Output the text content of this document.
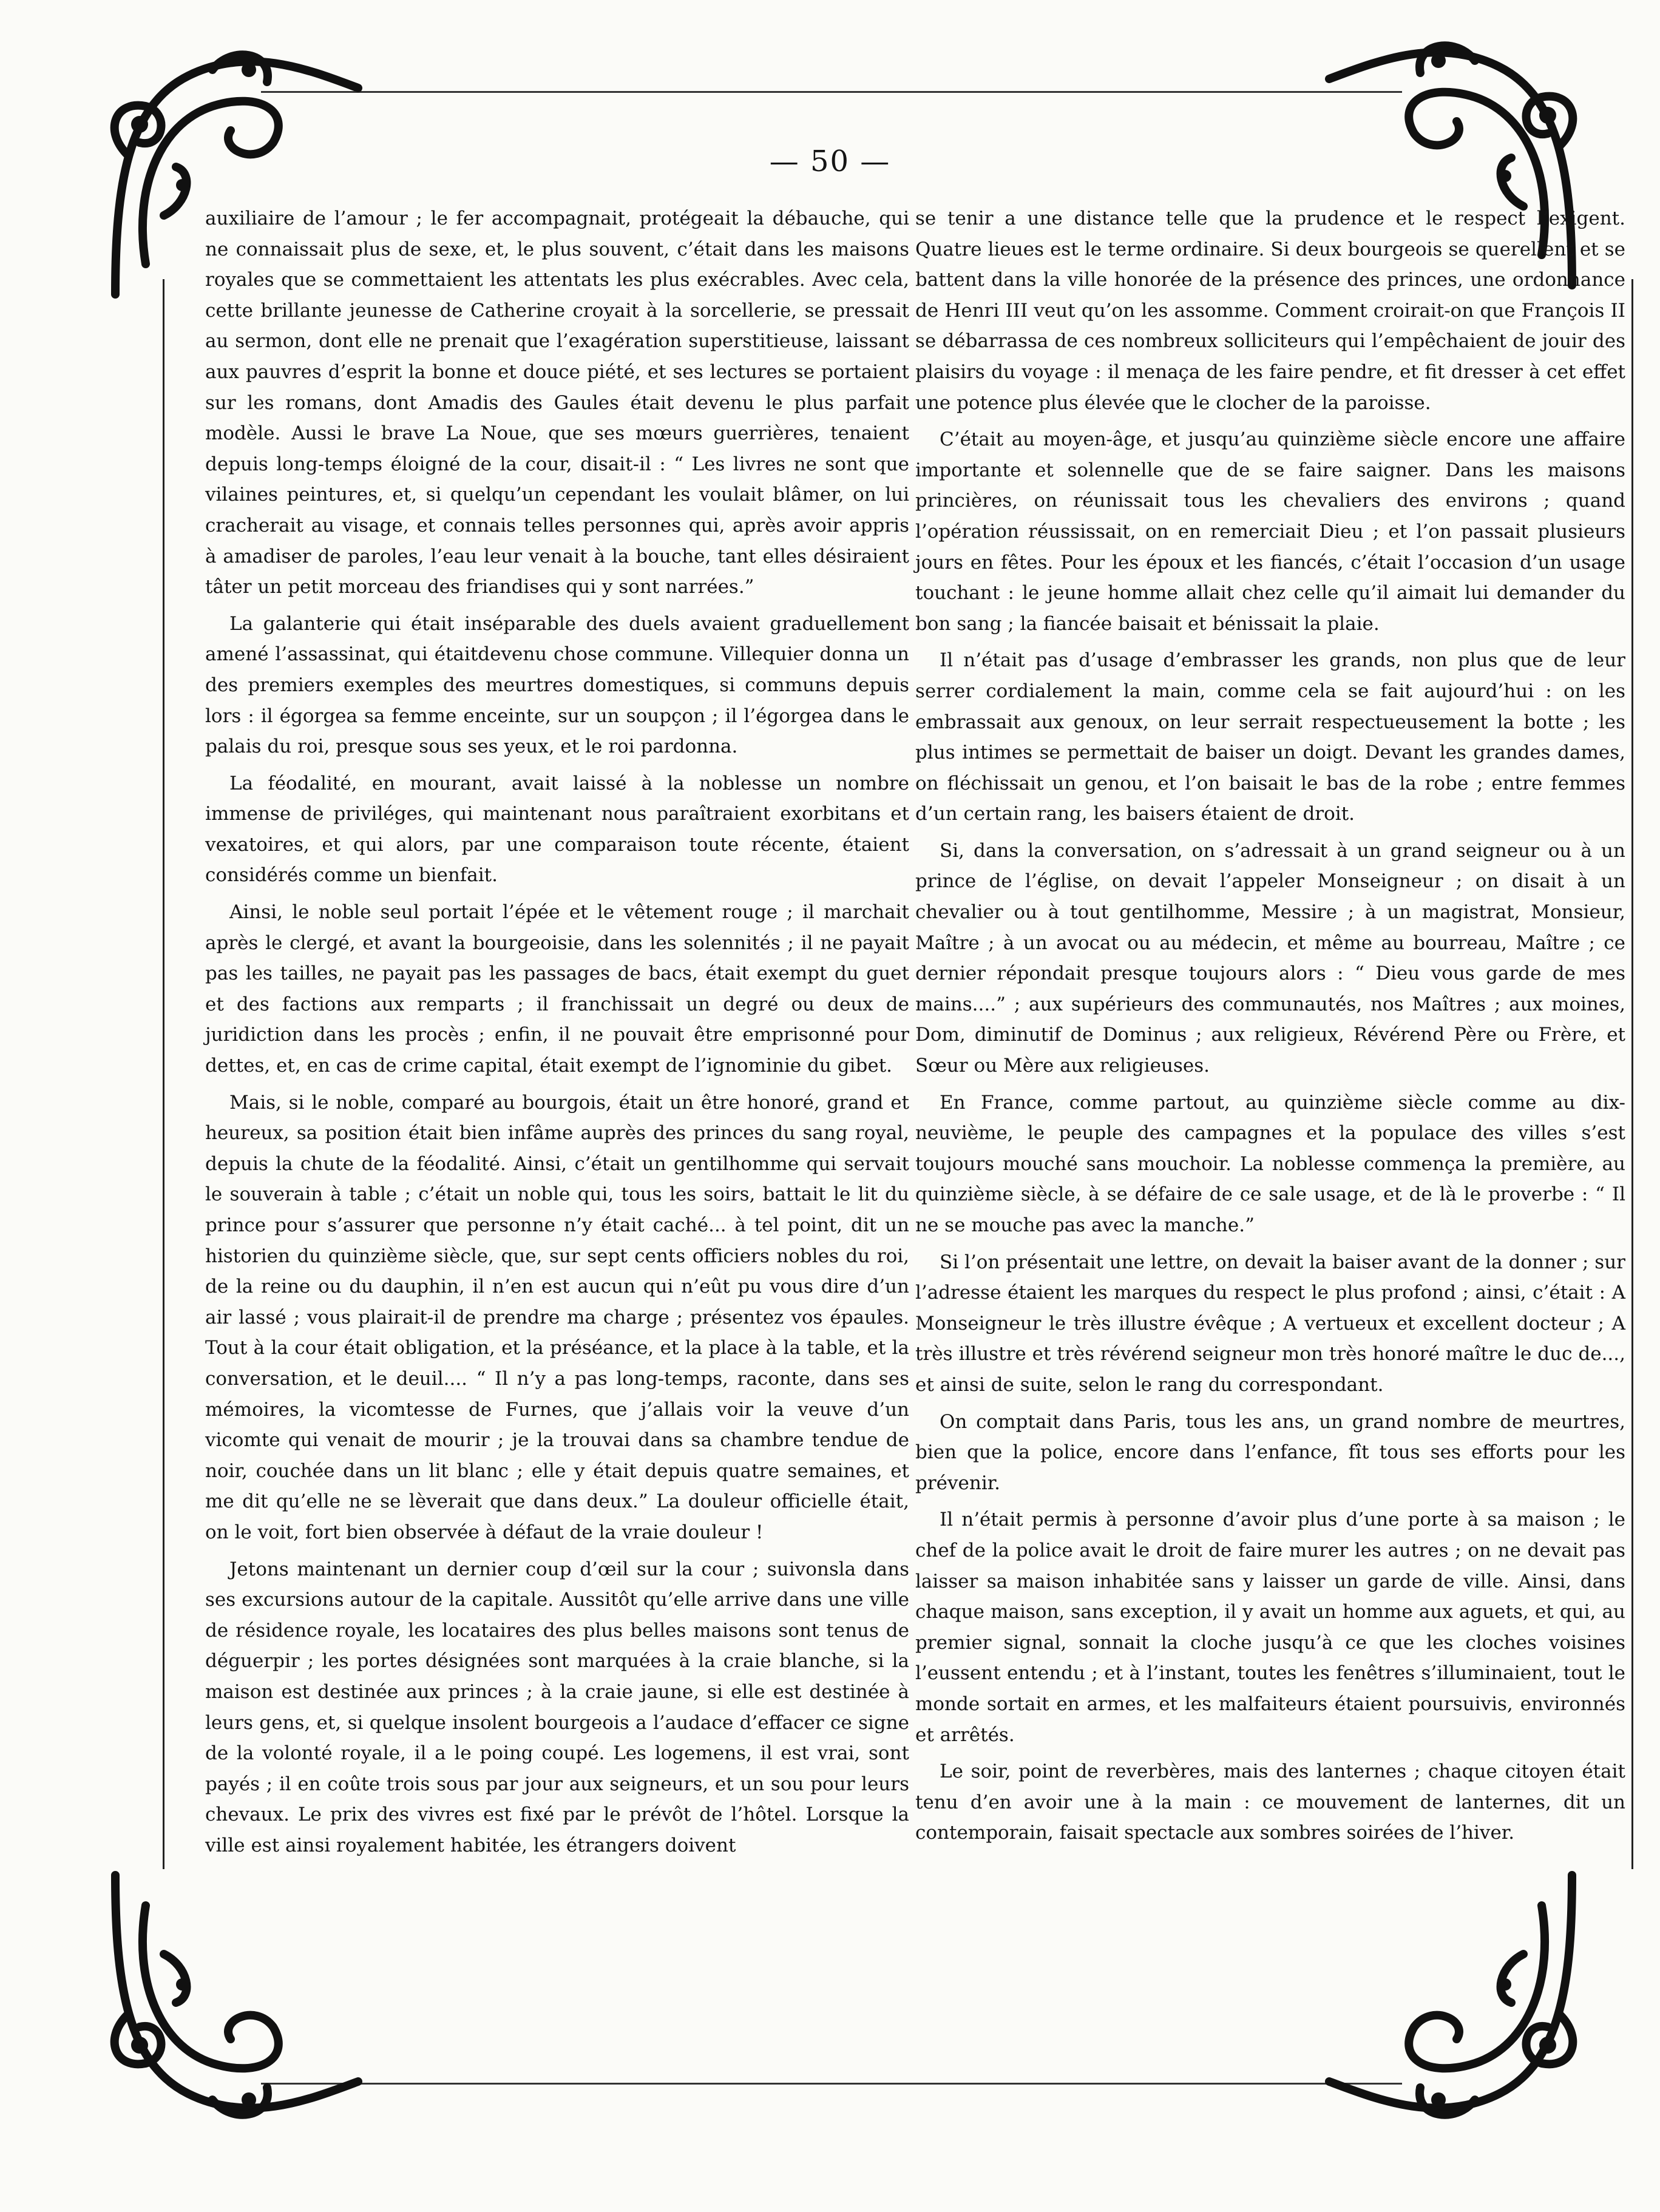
— 50 —

auxiliaire de l’amour ; le fer accompagnait, protégeait la débauche, qui ne connaissait plus de sexe, et, le plus souvent, c’était dans les maisons royales que se commettaient les attentats les plus exécrables. Avec cela, cette brillante jeunesse de Catherine croyait à la sorcellerie, se pressait au sermon, dont elle ne prenait que l’exagération superstitieuse, laissant aux pauvres d’esprit la bonne et douce piété, et ses lectures se portaient sur les romans, dont Amadis des Gaules était devenu le plus parfait modèle. Aussi le brave La Noue, que ses mœurs guerrières, tenaient depuis long-temps éloigné de la cour, disait-il : “ Les livres ne sont que vilaines peintures, et, si quelqu’un cependant les voulait blâmer, on lui cracherait au visage, et connais telles personnes qui, après avoir appris à amadiser de paroles, l’eau leur venait à la bouche, tant elles désiraient tâter un petit morceau des friandises qui y sont narrées.”

La galanterie qui était inséparable des duels avaient graduellement amené l’assassinat, qui étaitdevenu chose commune. Villequier donna un des premiers exemples des meurtres domestiques, si communs depuis lors : il égorgea sa femme enceinte, sur un soupçon ; il l’égorgea dans le palais du roi, presque sous ses yeux, et le roi pardonna.

La féodalité, en mourant, avait laissé à la noblesse un nombre immense de priviléges, qui maintenant nous paraîtraient exorbitans et vexatoires, et qui alors, par une comparaison toute récente, étaient considérés comme un bienfait.

Ainsi, le noble seul portait l’épée et le vêtement rouge ; il marchait après le clergé, et avant la bourgeoisie, dans les solennités ; il ne payait pas les tailles, ne payait pas les passages de bacs, était exempt du guet et des factions aux remparts ; il franchissait un degré ou deux de juridiction dans les procès ; enfin, il ne pouvait être emprisonné pour dettes, et, en cas de crime capital, était exempt de l’ignominie du gibet.

Mais, si le noble, comparé au bourgois, était un être honoré, grand et heureux, sa position était bien infâme auprès des princes du sang royal, depuis la chute de la féodalité. Ainsi, c’était un gentilhomme qui servait le souverain à table ; c’était un noble qui, tous les soirs, battait le lit du prince pour s’assurer que personne n’y était caché... à tel point, dit un historien du quinzième siècle, que, sur sept cents officiers nobles du roi, de la reine ou du dauphin, il n’en est aucun qui n’eût pu vous dire d’un air lassé ; vous plairait-il de prendre ma charge ; présentez vos épaules. Tout à la cour était obligation, et la préséance, et la place à la table, et la conversation, et le deuil.... “ Il n’y a pas long-temps, raconte, dans ses mémoires, la vicomtesse de Furnes, que j’allais voir la veuve d’un vicomte qui venait de mourir ; je la trouvai dans sa chambre tendue de noir, couchée dans un lit blanc ; elle y était depuis quatre semaines, et me dit qu’elle ne se lèverait que dans deux.” La douleur officielle était, on le voit, fort bien observée à défaut de la vraie douleur !

Jetons maintenant un dernier coup d’œil sur la cour ; suivonsla dans ses excursions autour de la capitale. Aussitôt qu’elle arrive dans une ville de résidence royale, les locataires des plus belles maisons sont tenus de déguerpir ; les portes désignées sont marquées à la craie blanche, si la maison est destinée aux princes ; à la craie jaune, si elle est destinée à leurs gens, et, si quelque insolent bourgeois a l’audace d’effacer ce signe de la volonté royale, il a le poing coupé. Les logemens, il est vrai, sont payés ; il en coûte trois sous par jour aux seigneurs, et un sou pour leurs chevaux. Le prix des vivres est fixé par le prévôt de l’hôtel. Lorsque la ville est ainsi royalement habitée, les étrangers doivent

se tenir a une distance telle que la prudence et le respect l’exigent. Quatre lieues est le terme ordinaire. Si deux bourgeois se querellent et se battent dans la ville honorée de la présence des princes, une ordonnance de Henri III veut qu’on les assomme. Comment croirait-on que François II se débarrassa de ces nombreux solliciteurs qui l’empêchaient de jouir des plaisirs du voyage : il menaça de les faire pendre, et fit dresser à cet effet une potence plus élevée que le clocher de la paroisse.

C’était au moyen-âge, et jusqu’au quinzième siècle encore une affaire importante et solennelle que de se faire saigner. Dans les maisons princières, on réunissait tous les chevaliers des environs ; quand l’opération réussissait, on en remerciait Dieu ; et l’on passait plusieurs jours en fêtes. Pour les époux et les fiancés, c’était l’occasion d’un usage touchant : le jeune homme allait chez celle qu’il aimait lui demander du bon sang ; la fiancée baisait et bénissait la plaie.

Il n’était pas d’usage d’embrasser les grands, non plus que de leur serrer cordialement la main, comme cela se fait aujourd’hui : on les embrassait aux genoux, on leur serrait respectueusement la botte ; les plus intimes se permettait de baiser un doigt. Devant les grandes dames, on fléchissait un genou, et l’on baisait le bas de la robe ; entre femmes d’un certain rang, les baisers étaient de droit.

Si, dans la conversation, on s’adressait à un grand seigneur ou à un prince de l’église, on devait l’appeler Monseigneur ; on disait à un chevalier ou à tout gentilhomme, Messire ; à un magistrat, Monsieur, Maître ; à un avocat ou au médecin, et même au bourreau, Maître ; ce dernier répondait presque toujours alors : “ Dieu vous garde de mes mains....” ; aux supérieurs des communautés, nos Maîtres ; aux moines, Dom, diminutif de Dominus ; aux religieux, Révérend Père ou Frère, et Sœur ou Mère aux religieuses.

En France, comme partout, au quinzième siècle comme au dix-neuvième, le peuple des campagnes et la populace des villes s’est toujours mouché sans mouchoir. La noblesse commença la première, au quinzième siècle, à se défaire de ce sale usage, et de là le proverbe : “ Il ne se mouche pas avec la manche.”

Si l’on présentait une lettre, on devait la baiser avant de la donner ; sur l’adresse étaient les marques du respect le plus profond ; ainsi, c’était : A Monseigneur le très illustre évêque ; A vertueux et excellent docteur ; A très illustre et très révérend seigneur mon très honoré maître le duc de..., et ainsi de suite, selon le rang du correspondant.

On comptait dans Paris, tous les ans, un grand nombre de meurtres, bien que la police, encore dans l’enfance, fît tous ses efforts pour les prévenir.

Il n’était permis à personne d’avoir plus d’une porte à sa maison ; le chef de la police avait le droit de faire murer les autres ; on ne devait pas laisser sa maison inhabitée sans y laisser un garde de ville. Ainsi, dans chaque maison, sans exception, il y avait un homme aux aguets, et qui, au premier signal, sonnait la cloche jusqu’à ce que les cloches voisines l’eussent entendu ; et à l’instant, toutes les fenêtres s’illuminaient, tout le monde sortait en armes, et les malfaiteurs étaient poursuivis, environnés et arrêtés.

Le soir, point de reverbères, mais des lanternes ; chaque citoyen était tenu d’en avoir une à la main : ce mouvement de lanternes, dit un contemporain, faisait spectacle aux sombres soirées de l’hiver.
